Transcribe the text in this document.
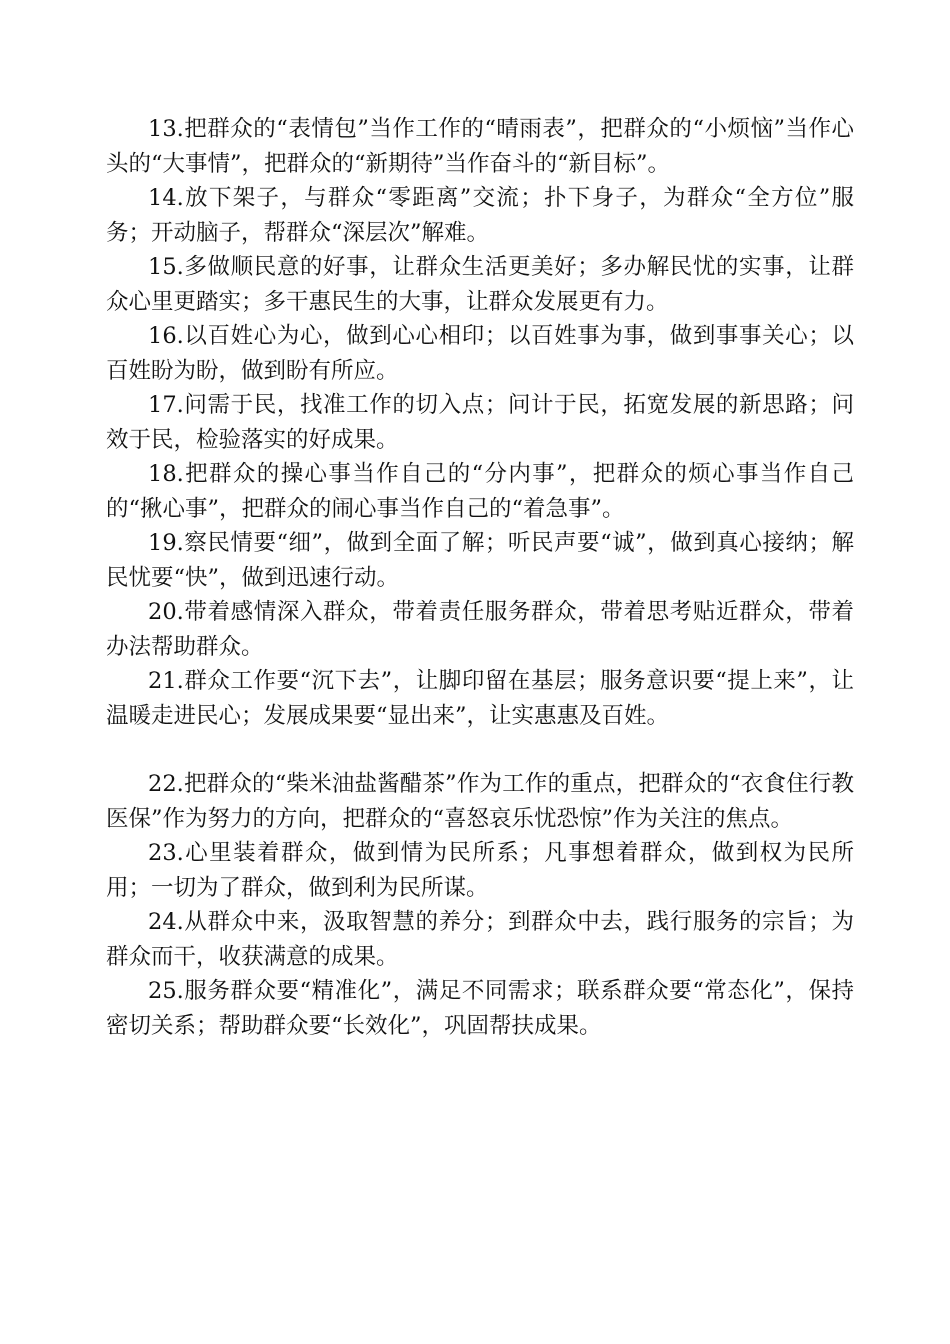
13.把群众的“表情包”当作工作的“晴雨表”，把群众的“小烦恼”当作心头的“大事情”，把群众的“新期待”当作奋斗的“新目标”。

14.放下架子，与群众“零距离”交流；扑下身子，为群众“全方位”服务；开动脑子，帮群众“深层次”解难。

15.多做顺民意的好事，让群众生活更美好；多办解民忧的实事，让群众心里更踏实；多干惠民生的大事，让群众发展更有力。

16.以百姓心为心，做到心心相印；以百姓事为事，做到事事关心；以百姓盼为盼，做到盼有所应。

17.问需于民，找准工作的切入点；问计于民，拓宽发展的新思路；问效于民，检验落实的好成果。

18.把群众的操心事当作自己的“分内事”，把群众的烦心事当作自己的“揪心事”，把群众的闹心事当作自己的“着急事”。

19.察民情要“细”，做到全面了解；听民声要“诚”，做到真心接纳；解民忧要“快”，做到迅速行动。

20.带着感情深入群众，带着责任服务群众，带着思考贴近群众，带着办法帮助群众。

21.群众工作要“沉下去”，让脚印留在基层；服务意识要“提上来”，让温暖走进民心；发展成果要“显出来”，让实惠惠及百姓。

22.把群众的“柴米油盐酱醋茶”作为工作的重点，把群众的“衣食住行教医保”作为努力的方向，把群众的“喜怒哀乐忧恐惊”作为关注的焦点。

23.心里装着群众，做到情为民所系；凡事想着群众，做到权为民所用；一切为了群众，做到利为民所谋。

24.从群众中来，汲取智慧的养分；到群众中去，践行服务的宗旨；为群众而干，收获满意的成果。

25.服务群众要“精准化”，满足不同需求；联系群众要“常态化”，保持密切关系；帮助群众要“长效化”，巩固帮扶成果。
